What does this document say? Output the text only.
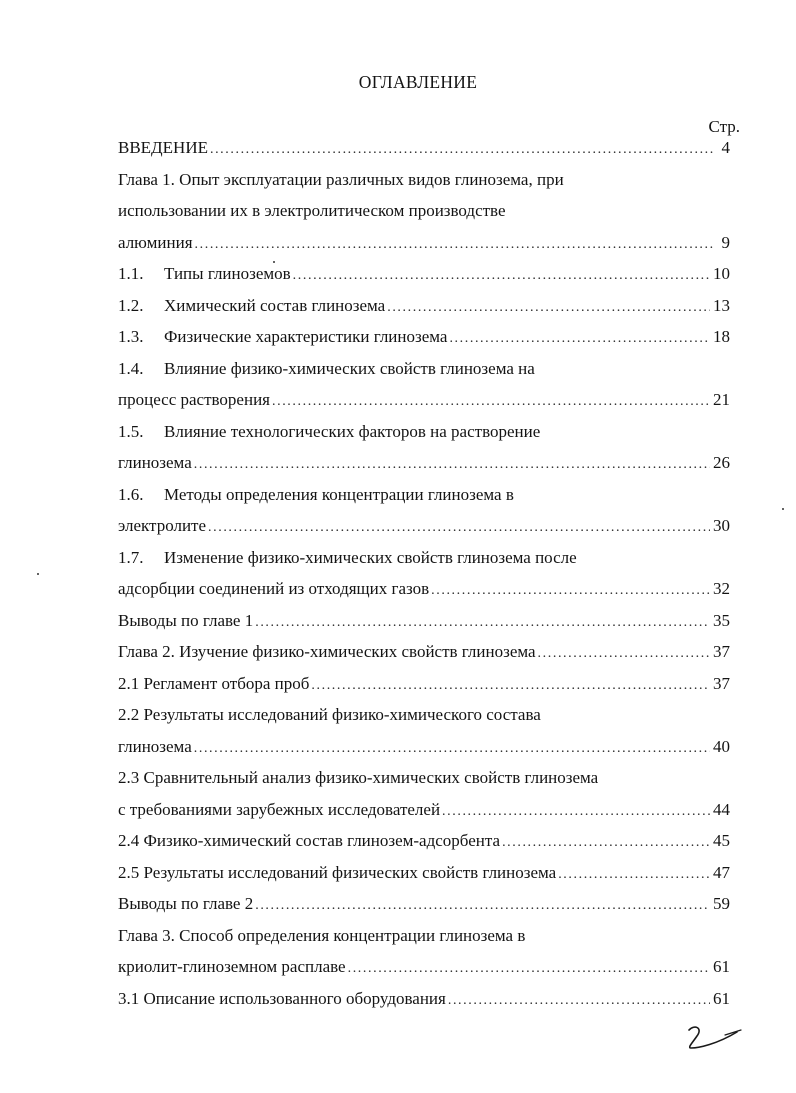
ОГЛАВЛЕНИЕ
Стр.
ВВЕДЕНИЕ .....	4
Глава 1. Опыт эксплуатации различных видов глинозема, при
использовании их в электролитическом производстве
алюминия .....	9
1.1.	Типы глиноземов .....	10
1.2.	Химический состав глинозема .....	13
1.3.	Физические характеристики глинозема .....	18
1.4.	Влияние физико-химических свойств глинозема на
процесс растворения .....	21
1.5.	Влияние технологических факторов на растворение
глинозема .....	26
1.6.	Методы определения концентрации глинозема в
электролите .....	30
1.7.	Изменение физико-химических свойств глинозема после
адсорбции соединений из отходящих газов .....	32
Выводы по главе 1 .....	35
Глава 2. Изучение физико-химических свойств глинозема .....	37
2.1 Регламент отбора проб .....	37
2.2 Результаты исследований физико-химического состава
глинозема .....	40
2.3 Сравнительный анализ физико-химических свойств глинозема
с требованиями зарубежных исследователей .....	44
2.4 Физико-химический состав глинозем-адсорбента .....	45
2.5 Результаты исследований физических свойств глинозема .....	47
Выводы по главе 2 .....	59
Глава 3. Способ определения концентрации глинозема в
криолит-глиноземном расплаве .....	61
3.1 Описание использованного оборудования .....	61
